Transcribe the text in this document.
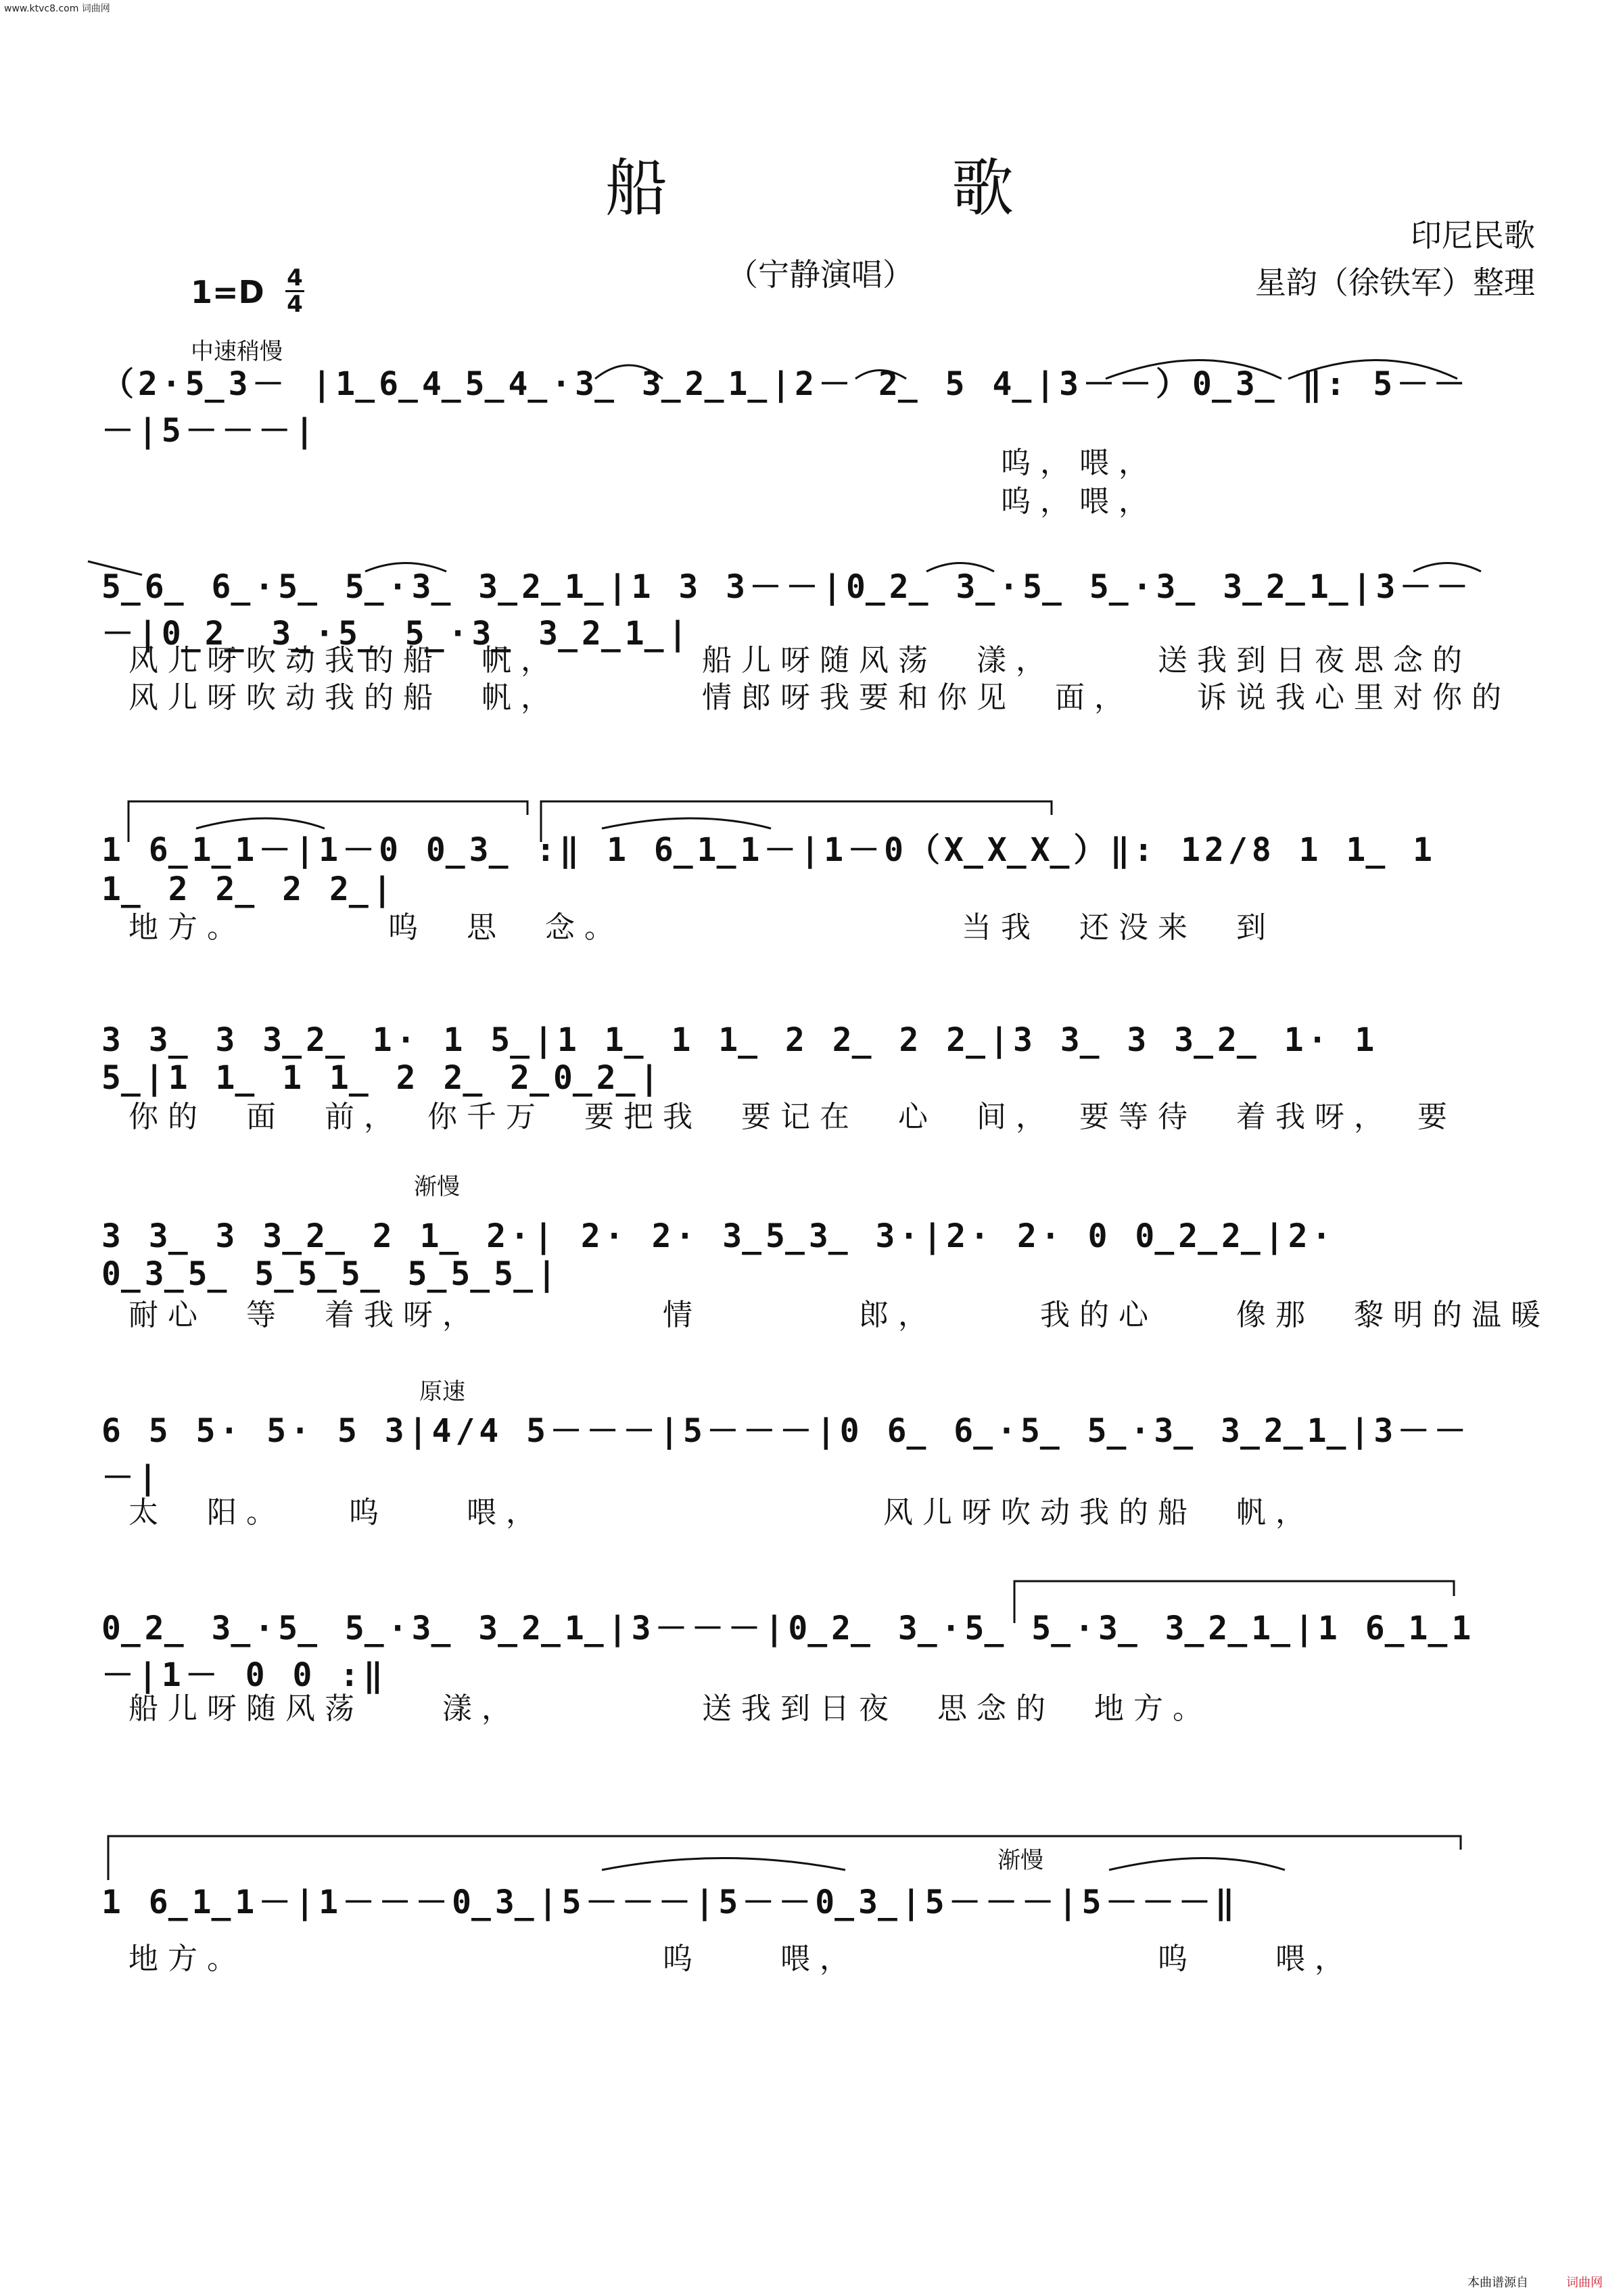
www.ktvc8.com 词曲网
船	歌
印尼民歌
星韵（徐铁军）整理
（宁静演唱）
1=D 4
4
中速稍慢
渐慢
原速
渐慢
（2·5̲3－ |1̲6̲4̲5̲4̲·3̲ 3̲2̲1̲|2－ 2̲ 5 4̲|3－－）0̲3̲ ‖: 5－－－|5－－－|
呜，喂，
呜，喂，
5̲6̲ 6̲·5̲ 5̲·3̲ 3̲2̲1̲|1 3 3－－|0̲2̲ 3̲·5̲ 5̲·3̲ 3̲2̲1̲|3－－－|0̲2̲ 3̲·5̲ 5̲·3̲ 3̲2̲1̲|
风儿呀吹动我的船　帆，　　　　船儿呀随风荡　漾，　　　送我到日夜思念的
风儿呀吹动我的船　帆，　　　　情郎呀我要和你见　面，　　诉说我心里对你的
1 6̲1̲1－|1－0 0̲3̲ :‖ 1 6̲1̲1－|1－0（X̲X̲X̲）‖: 12/8 1 1̲ 1 1̲ 2 2̲ 2 2̲|
地方。　　　　呜　思　念。　　　　　　　　　当我　还没来　到
3 3̲ 3 3̲2̲ 1· 1 5̲|1 1̲ 1 1̲ 2 2̲ 2 2̲|3 3̲ 3 3̲2̲ 1· 1 5̲|1 1̲ 1 1̲ 2 2̲ 2̲0̲2̲|
你的　面　前，　你千万　要把我　要记在　心　间，　要等待　着我呀，　要
3 3̲ 3 3̲2̲ 2 1̲ 2·| 2· 2· 3̲5̲3̲ 3·|2· 2· 0 0̲2̲2̲|2· 0̲3̲5̲ 5̲5̲5̲ 5̲5̲5̲|
耐心　等　着我呀，　　　　　情　　　　郎，　　　我的心　　像那　黎明的温暖
6 5 5· 5· 5 3|4/4 5－－－|5－－－|0 6̲ 6̲·5̲ 5̲·3̲ 3̲2̲1̲|3－－－|
太　阳。　　呜　　喂，　　　　　　　　　风儿呀吹动我的船　帆，
0̲2̲ 3̲·5̲ 5̲·3̲ 3̲2̲1̲|3－－－|0̲2̲ 3̲·5̲ 5̲·3̲ 3̲2̲1̲|1 6̲1̲1－|1－ 0 0 :‖
船儿呀随风荡　　漾，　　　　　送我到日夜　思念的　地方。
1 6̲1̲1－|1－－－0̲3̲|5－－－|5－－0̲3̲|5－－－|5－－－‖
地方。　　　　　　　　　　　呜　　喂，　　　　　　　　呜　　喂，
本曲谱源自	词曲网
